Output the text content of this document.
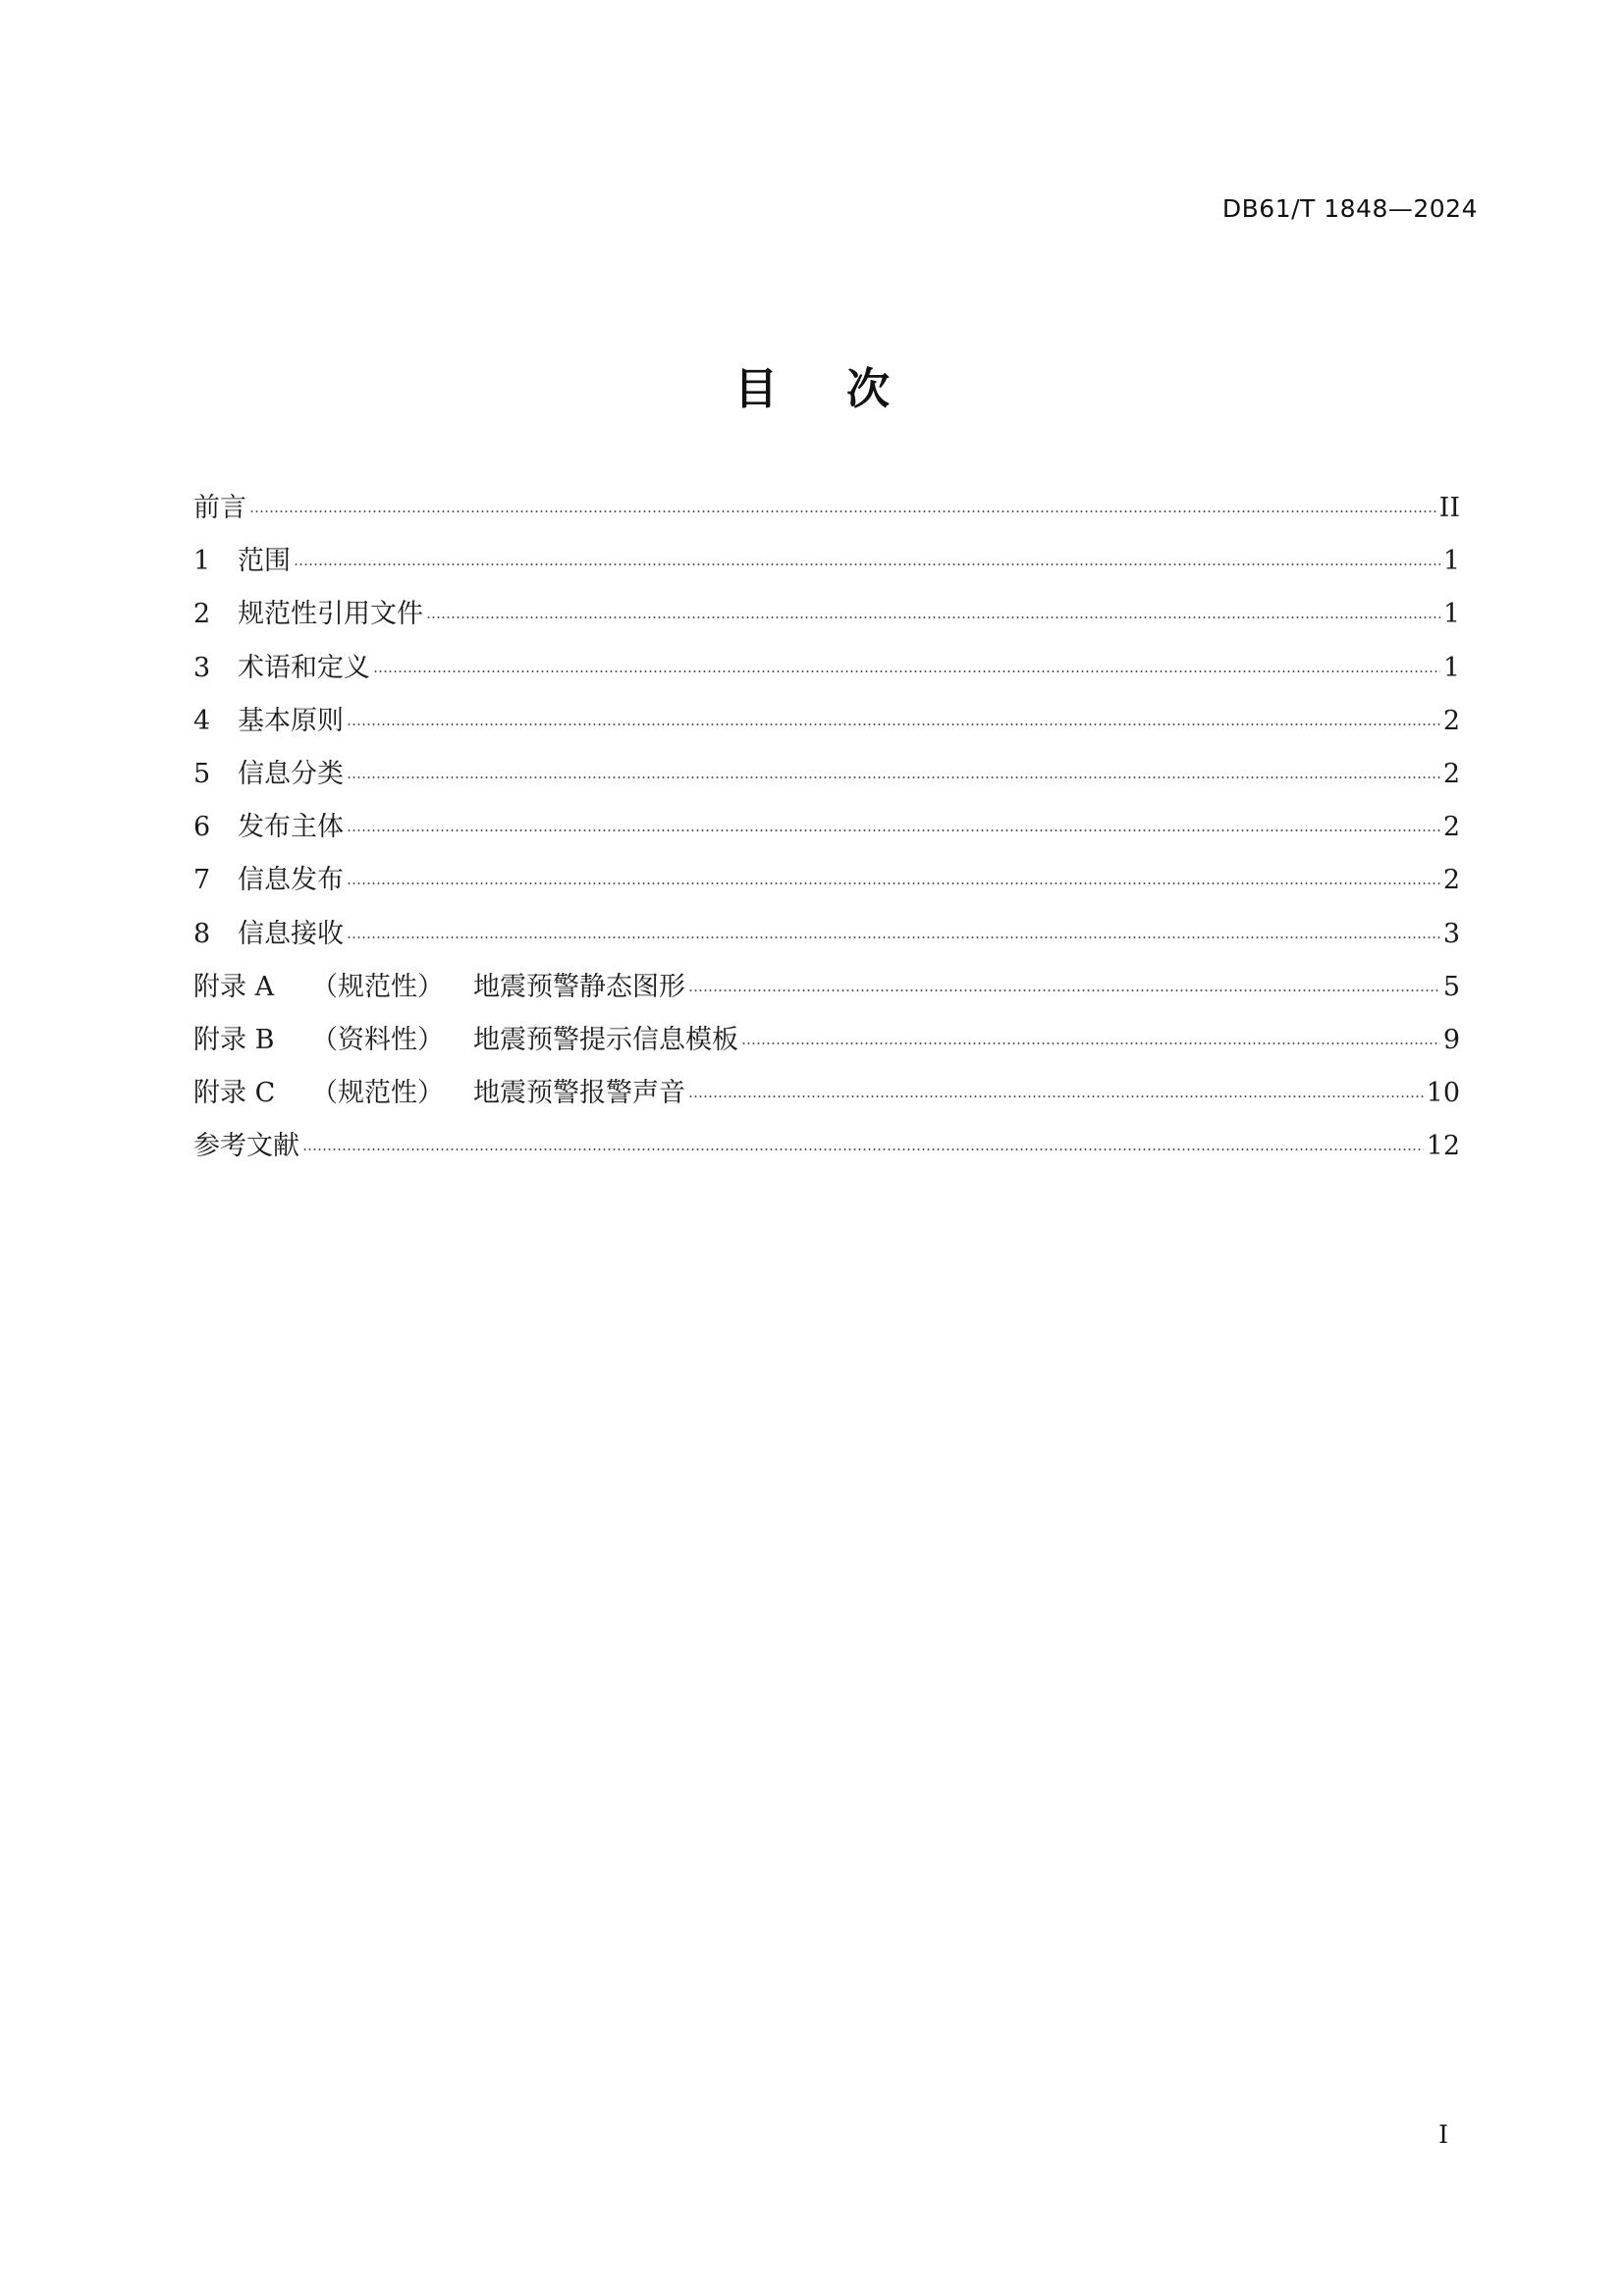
DB61/T 1848—2024
目次
前言	II
1	范围	1
2	规范性引用文件	1
3	术语和定义	1
4	基本原则	2
5	信息分类	2
6	发布主体	2
7	信息发布	2
8	信息接收	3
附录 A	（规范性）	地震预警静态图形	5
附录 B	（资料性）	地震预警提示信息模板	9
附录 C	（规范性）	地震预警报警声音	10
参考文献	12
I
